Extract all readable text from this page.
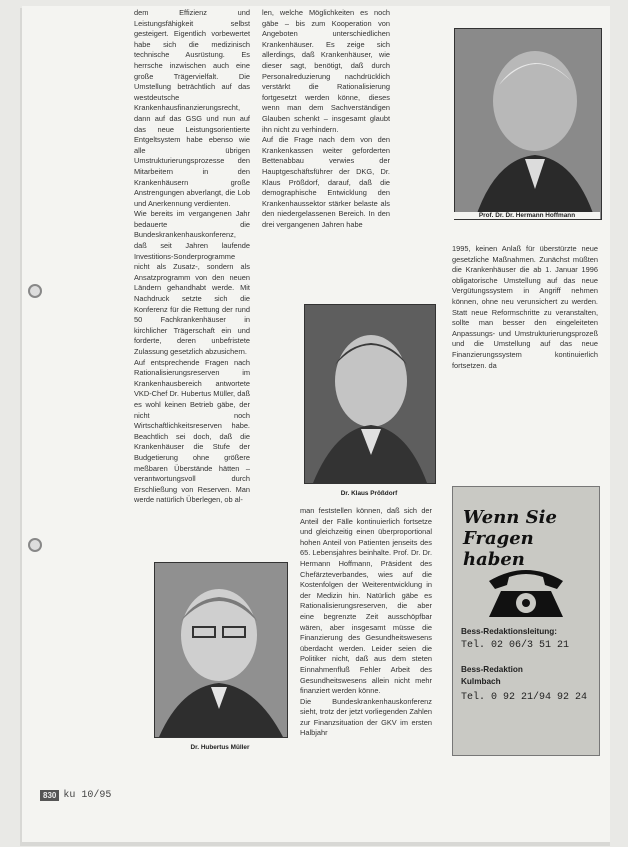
dem Effizienz und Leistungsfähigkeit selbst gesteigert. Eigentlich vorbewertet habe sich die medizinisch technische Ausrüstung. Es herrsche inzwischen auch eine große Trägervielfalt. Die Umstellung beträchtlich auf das westdeutsche Krankenhausfinanzierungsrecht, dann auf das GSG und nun auf das neue Leistungsorientierte Entgeltsystem habe ebenso wie alle übrigen Umstrukturierungsprozesse den Mitarbeitern in den Krankenhäusern große Anstrengungen abverlangt, die Lob und Anerkennung verdienten.

Wie bereits im vergangenen Jahr bedauerte die Bundeskrankenhauskonferenz, daß seit Jahren laufende Investitions-Sonderprogramme nicht als Zusatz-, sondern als Ansatzprogramm von den neuen Ländern gehandhabt werde. Mit Nachdruck setzte sich die Konferenz für die Rettung der rund 50 Fachkrankenhäuser in kirchlicher Trägerschaft ein und forderte, deren unbefristete Zulassung gesetzlich abzusichern.

Auf entsprechende Fragen nach Rationalisierungsreserven im Krankenhausbereich antwortete VKD-Chef Dr. Hubertus Müller, daß es wohl keinen Betrieb gäbe, der nicht noch Wirtschaftlichkeitsreserven habe. Beachtlich sei doch, daß die Krankenhäuser die Stufe der Budgetierung ohne größere meßbaren Überstände hätten – verantwortungsvoll durch Erschließung von Reserven. Man werde natürlich Überlegen, ob al-

len, welche Möglichkeiten es noch gäbe – bis zum Kooperation von Angeboten unterschiedlichen Krankenhäuser. Es zeige sich allerdings, daß Krankenhäuser, wie dieser sagt, benötigt, daß durch Personalreduzierung nachdrücklich verstärkt die Rationalisierung fortgesetzt werden könne, dieses wenn man dem Sachverständigen Glauben schenkt – insgesamt glaubt ihn nicht zu verhindern.

Auf die Frage nach dem von den Krankenkassen weiter geforderten Bettenabbau verwies der Hauptgeschäftsführer der DKG, Dr. Klaus Prößdorf, darauf, daß die demographische Entwicklung den Krankenhaussektor stärker belaste als den niedergelassenen Bereich. In den drei vergangenen Jahren habe

Prof. Dr. Dr. Hermann Hoffmann

1995, keinen Anlaß für überstürzte neue gesetzliche Maßnahmen. Zunächst müßten die Krankenhäuser die ab 1. Januar 1996 obligatorische Umstellung auf das neue Vergütungssystem in Angriff nehmen können, ohne neu verunsichert zu werden. Statt neue Reformschritte zu veranstalten, sollte man besser den eingeleiteten Anpassungs- und Umstrukturierungsprozeß und die Umstellung auf das neue Finanzierungssystem kontinuierlich fortsetzen. da

Dr. Klaus Prößdorf

man feststellen können, daß sich der Anteil der Fälle kontinuierlich fortsetze und gleichzeitig einen überproportional hohen Anteil von Patienten jenseits des 65. Lebensjahres beinhalte. Prof. Dr. Dr. Hermann Hoffmann, Präsident des Chefärzteverbandes, wies auf die Kostenfolgen der Weiterentwicklung in der Medizin hin. Natürlich gäbe es Rationalisierungsreserven, die aber eine begrenzte Zeit ausschöpfbar wären, aber insgesamt müsse die Finanzierung des Gesundheitswesens überdacht werden. Leider seien die Politiker nicht, daß aus dem steten Einnahmenfluß Fehler Arbeit des Gesundheitswesens allein nicht mehr finanziert werden könne.

Die Bundeskrankenhauskonferenz sieht, trotz der jetzt vorliegenden Zahlen zur Finanzsituation der GKV im ersten Halbjahr

Dr. Hubertus Müller
Wenn Sie
Fragen haben
Bess-Redaktionsleitung:
Tel. 02 06/3 51 21
Bess-Redaktion
Kulmbach
Tel. 0 92 21/94 92 24
830 ku 10/95
